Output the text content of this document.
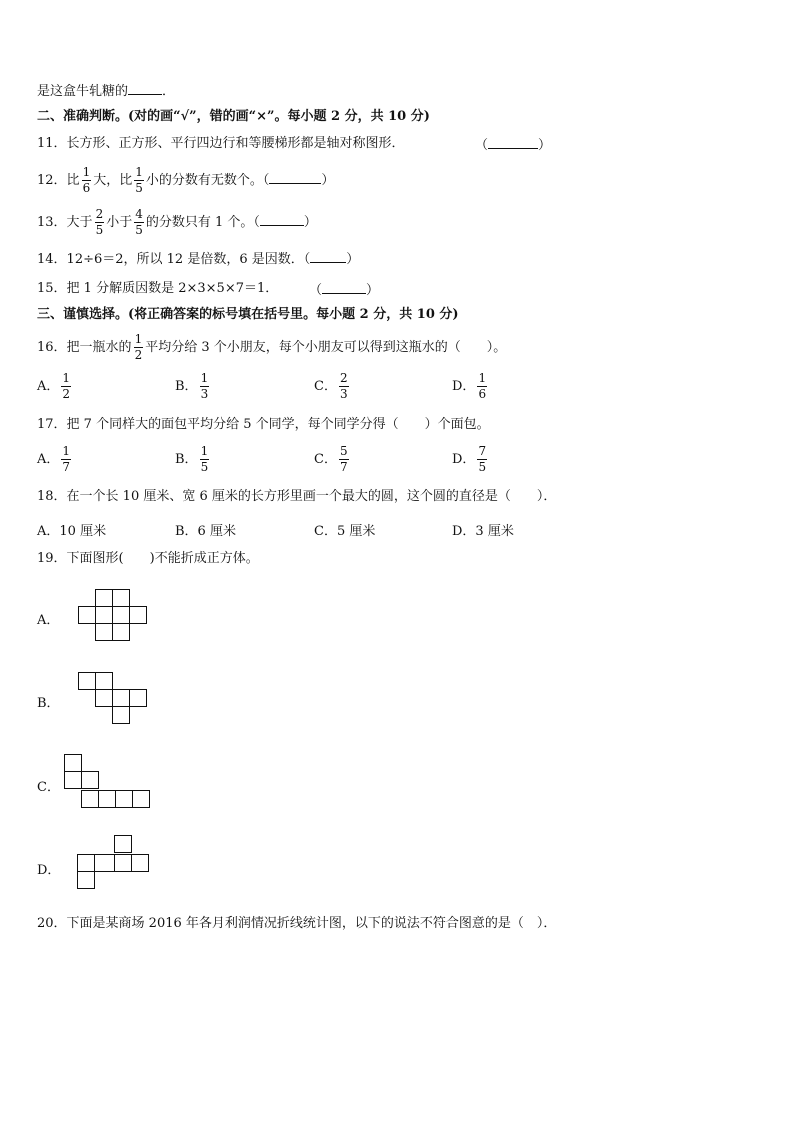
是这盒牛轧糖的	．
二、准确判断。(对的画“√”，错的画“×”。每小题 2 分，共 10 分)
11．长方形、正方形、平行四边行和等腰梯形都是轴对称图形．	（	）
12．比 $\frac{1}{6}$ 大，比 $\frac{1}{5}$ 小的分数有无数个。（	）
13．大于 $\frac{2}{5}$ 小于 $\frac{4}{5}$ 的分数只有 1 个。（	）
14．12÷6＝2，所以 12 是倍数，6 是因数．（	）
15．把 1 分解质因数是 2×3×5×7＝1． （	）
三、谨慎选择。(将正确答案的标号填在括号里。每小题 2 分，共 10 分)
16．把一瓶水的 $\frac{1}{2}$ 平均分给 3 个小朋友，每个小朋友可以得到这瓶水的（　　）。
A． $\frac{1}{2}$	B． $\frac{1}{3}$	C． $\frac{2}{3}$	D． $\frac{1}{6}$
17．把 7 个同样大的面包平均分给 5 个同学，每个同学分得（　　）个面包。
A． $\frac{1}{7}$	B． $\frac{1}{5}$	C． $\frac{5}{7}$	D． $\frac{7}{5}$
18．在一个长 10 厘米、宽 6 厘米的长方形里画一个最大的圆，这个圆的直径是（　　）．
A．10 厘米	B．6 厘米	C．5 厘米	D．3 厘米
19．下面图形(　　)不能折成正方体。
A．
B．
C．
D．
20．下面是某商场 2016 年各月利润情况折线统计图，以下的说法不符合图意的是（　）．
